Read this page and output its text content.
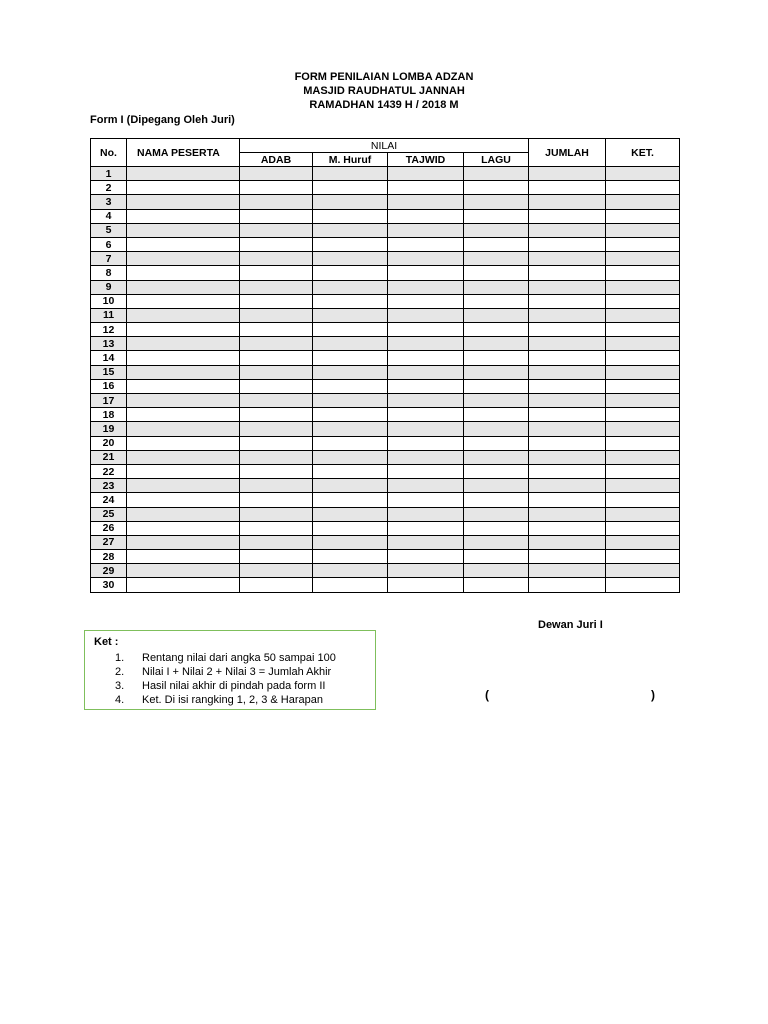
FORM PENILAIAN LOMBA ADZAN
MASJID RAUDHATUL JANNAH
RAMADHAN 1439 H / 2018 M
Form I (Dipegang Oleh Juri)
No.	NAMA PESERTA	NILAI				JUMLAH	KET.
		ADAB	M. Huruf	TAJWID	LAGU		
1							
2							
3							
4							
5							
6							
7							
8							
9							
10							
11							
12							
13							
14							
15							
16							
17							
18							
19							
20							
21							
22							
23							
24							
25							
26							
27							
28							
29							
30							
Ket :
1. Rentang nilai dari angka 50 sampai 100
2. Nilai I + Nilai 2 + Nilai 3 = Jumlah Akhir
3. Hasil nilai akhir di pindah pada form II
4. Ket. Di isi rangking 1, 2, 3 & Harapan
Dewan Juri I
(	)
